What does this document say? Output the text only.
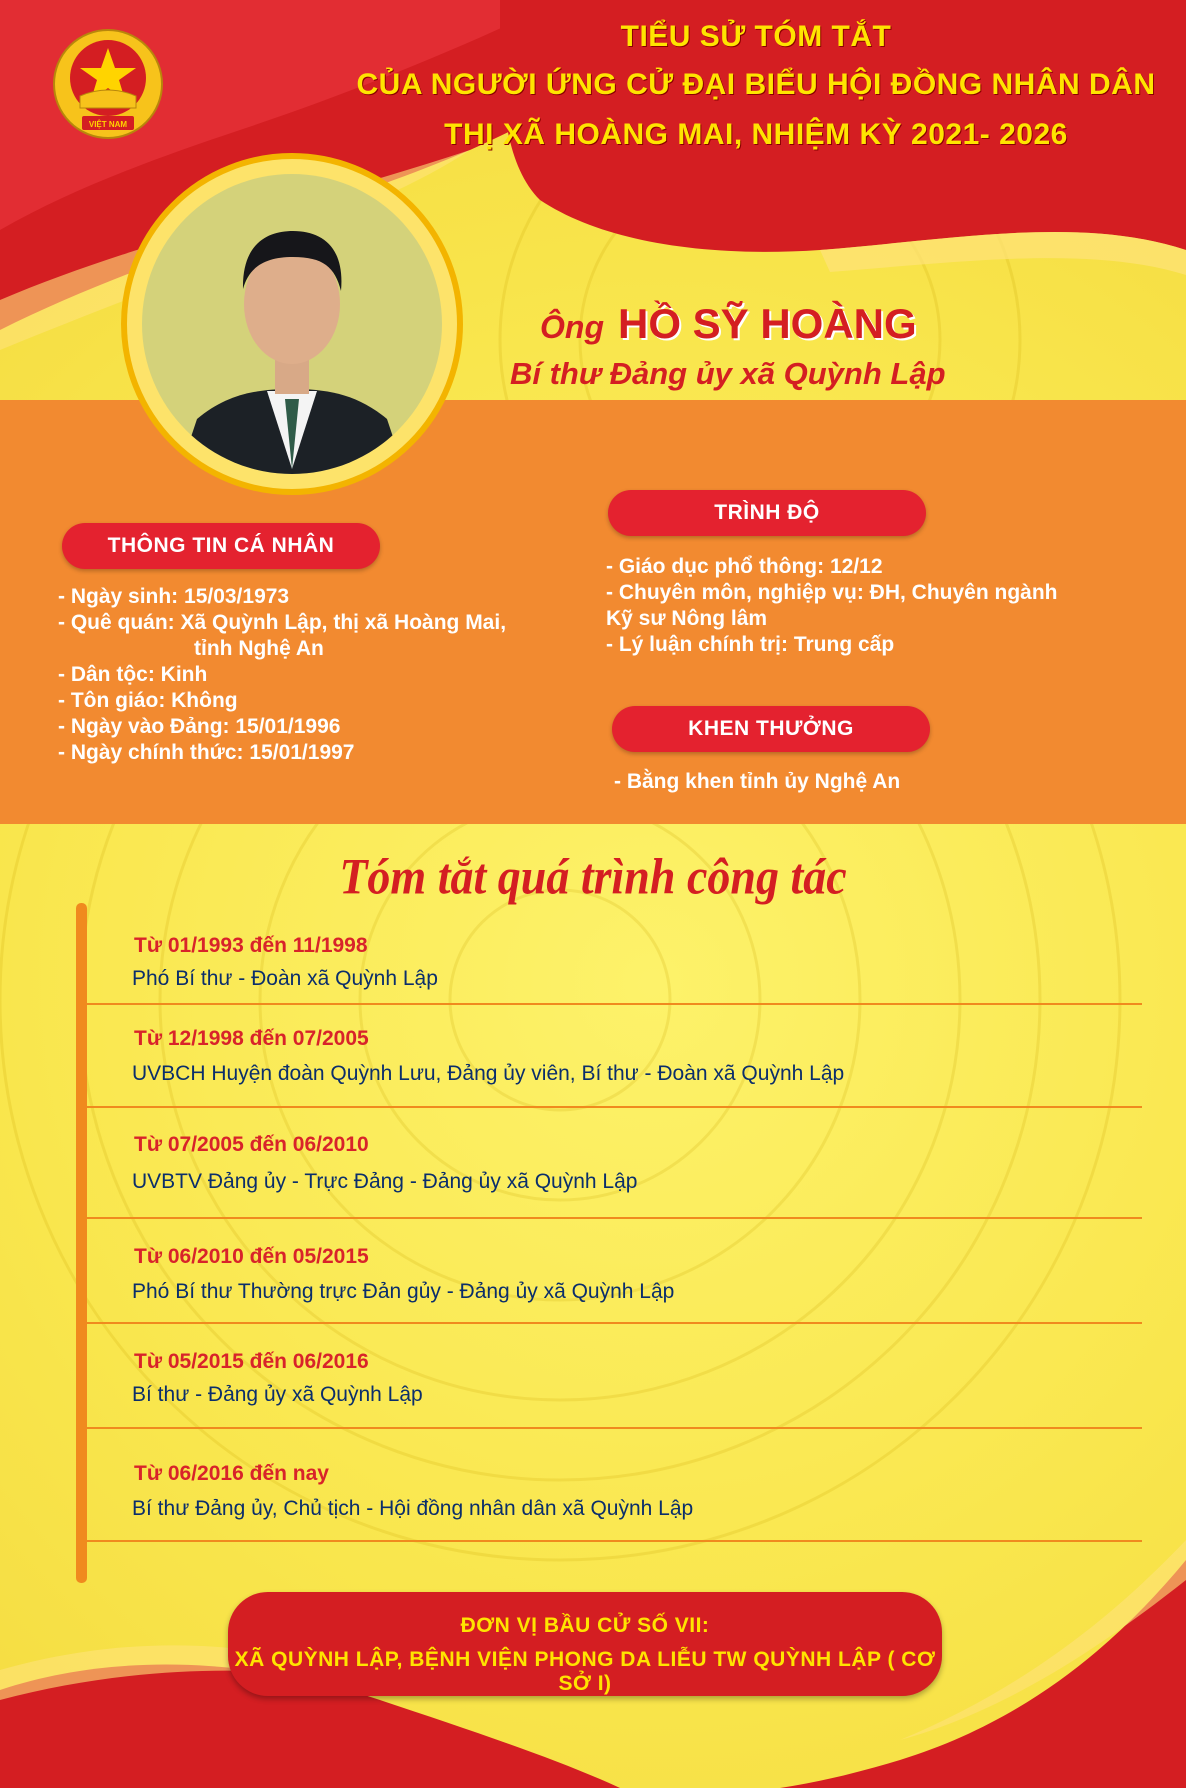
VIỆT NAM
TIỂU SỬ TÓM TẮT
CỦA NGƯỜI ỨNG CỬ ĐẠI BIỂU HỘI ĐỒNG NHÂN DÂN
THỊ XÃ HOÀNG MAI, NHIỆM KỲ 2021- 2026
Ông HỒ SỸ HOÀNG
Bí thư Đảng ủy xã Quỳnh Lập
THÔNG TIN CÁ NHÂN
- Ngày sinh: 15/03/1973
- Quê quán: Xã Quỳnh Lập, thị xã Hoàng Mai,
tỉnh Nghệ An
- Dân tộc: Kinh
- Tôn giáo: Không
- Ngày vào Đảng: 15/01/1996
- Ngày chính thức: 15/01/1997
TRÌNH ĐỘ
- Giáo dục phổ thông: 12/12
- Chuyên môn, nghiệp vụ: ĐH, Chuyên ngành
Kỹ sư Nông lâm
- Lý luận chính trị: Trung cấp
KHEN THƯỞNG
- Bằng khen tỉnh ủy Nghệ An
Tóm tắt quá trình công tác
Từ 01/1993 đến 11/1998
Phó Bí thư - Đoàn xã Quỳnh Lập
Từ 12/1998 đến 07/2005
UVBCH Huyện đoàn Quỳnh Lưu, Đảng ủy viên, Bí thư - Đoàn xã Quỳnh Lập
Từ 07/2005 đến 06/2010
UVBTV Đảng ủy - Trực Đảng - Đảng ủy xã Quỳnh Lập
Từ 06/2010 đến 05/2015
Phó Bí thư Thường trực Đản gủy - Đảng ủy xã Quỳnh Lập
Từ 05/2015 đến 06/2016
Bí thư - Đảng ủy xã Quỳnh Lập
Từ 06/2016 đến nay
Bí thư Đảng ủy, Chủ tịch - Hội đồng nhân dân xã Quỳnh Lập
ĐƠN VỊ BẦU CỬ SỐ VII:
XÃ QUỲNH LẬP, BỆNH VIỆN PHONG DA LIỄU TW QUỲNH LẬP ( CƠ SỞ I)
